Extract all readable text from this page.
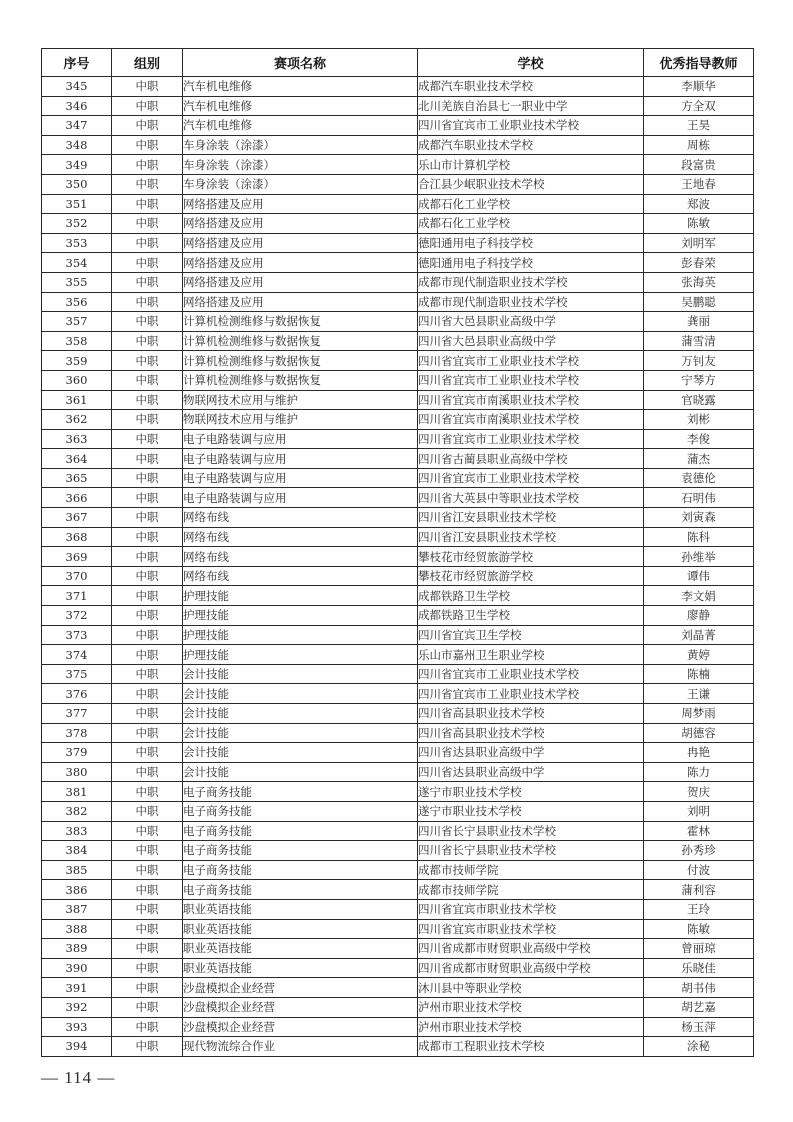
序号	组别	赛项名称	学校	优秀指导教师
345	中职	汽车机电维修	成都汽车职业技术学校	李顺华
346	中职	汽车机电维修	北川羌族自治县七一职业中学	方全双
347	中职	汽车机电维修	四川省宜宾市工业职业技术学校	王昊
348	中职	车身涂装（涂漆）	成都汽车职业技术学校	周栋
349	中职	车身涂装（涂漆）	乐山市计算机学校	段富贵
350	中职	车身涂装（涂漆）	合江县少岷职业技术学校	王地春
351	中职	网络搭建及应用	成都石化工业学校	郑波
352	中职	网络搭建及应用	成都石化工业学校	陈敏
353	中职	网络搭建及应用	德阳通用电子科技学校	刘明军
354	中职	网络搭建及应用	德阳通用电子科技学校	彭春荣
355	中职	网络搭建及应用	成都市现代制造职业技术学校	张海英
356	中职	网络搭建及应用	成都市现代制造职业技术学校	吴鹏聪
357	中职	计算机检测维修与数据恢复	四川省大邑县职业高级中学	龚丽
358	中职	计算机检测维修与数据恢复	四川省大邑县职业高级中学	蒲雪清
359	中职	计算机检测维修与数据恢复	四川省宜宾市工业职业技术学校	万钊友
360	中职	计算机检测维修与数据恢复	四川省宜宾市工业职业技术学校	宁琴方
361	中职	物联网技术应用与维护	四川省宜宾市南溪职业技术学校	官晓露
362	中职	物联网技术应用与维护	四川省宜宾市南溪职业技术学校	刘彬
363	中职	电子电路装调与应用	四川省宜宾市工业职业技术学校	李俊
364	中职	电子电路装调与应用	四川省古蔺县职业高级中学校	蒲杰
365	中职	电子电路装调与应用	四川省宜宾市工业职业技术学校	袁德伦
366	中职	电子电路装调与应用	四川省大英县中等职业技术学校	石明伟
367	中职	网络布线	四川省江安县职业技术学校	刘寅森
368	中职	网络布线	四川省江安县职业技术学校	陈科
369	中职	网络布线	攀枝花市经贸旅游学校	孙维举
370	中职	网络布线	攀枝花市经贸旅游学校	谭伟
371	中职	护理技能	成都铁路卫生学校	李文娟
372	中职	护理技能	成都铁路卫生学校	廖静
373	中职	护理技能	四川省宜宾卫生学校	刘晶菁
374	中职	护理技能	乐山市嘉州卫生职业学校	黄婷
375	中职	会计技能	四川省宜宾市工业职业技术学校	陈楠
376	中职	会计技能	四川省宜宾市工业职业技术学校	王谦
377	中职	会计技能	四川省高县职业技术学校	周梦雨
378	中职	会计技能	四川省高县职业技术学校	胡德容
379	中职	会计技能	四川省达县职业高级中学	冉艳
380	中职	会计技能	四川省达县职业高级中学	陈力
381	中职	电子商务技能	遂宁市职业技术学校	贺庆
382	中职	电子商务技能	遂宁市职业技术学校	刘明
383	中职	电子商务技能	四川省长宁县职业技术学校	霍林
384	中职	电子商务技能	四川省长宁县职业技术学校	孙秀珍
385	中职	电子商务技能	成都市技师学院	付波
386	中职	电子商务技能	成都市技师学院	蒲利容
387	中职	职业英语技能	四川省宜宾市职业技术学校	王玲
388	中职	职业英语技能	四川省宜宾市职业技术学校	陈敏
389	中职	职业英语技能	四川省成都市财贸职业高级中学校	曾丽琼
390	中职	职业英语技能	四川省成都市财贸职业高级中学校	乐晓佳
391	中职	沙盘模拟企业经营	沐川县中等职业学校	胡书伟
392	中职	沙盘模拟企业经营	泸州市职业技术学校	胡艺嘉
393	中职	沙盘模拟企业经营	泸州市职业技术学校	杨玉萍
394	中职	现代物流综合作业	成都市工程职业技术学校	涂秘
— 114 —
